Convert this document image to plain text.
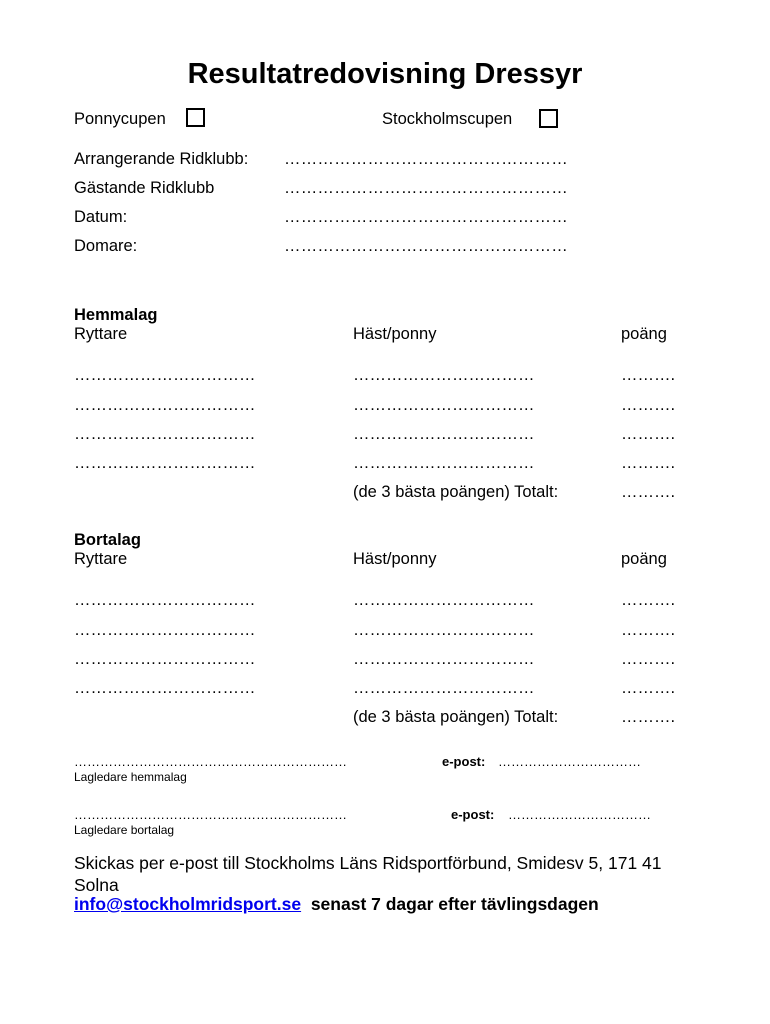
Resultatredovisning Dressyr
Ponnycupen	Stockholmscupen
Arrangerande Ridklubb: ……………………………………………
Gästande Ridklubb	……………………………………………
Datum:	……………………………………………
Domare:	……………………………………………
Hemmalag
Ryttare	Häst/ponny	poäng
……………………………	……………………………	……….
……………………………	……………………………	……….
……………………………	……………………………	……….
……………………………	……………………………	……….
(de 3 bästa poängen) Totalt:	……….
Bortalag
Ryttare	Häst/ponny	poäng
……………………………	……………………………	……….
……………………………	……………………………	……….
……………………………	……………………………	……….
……………………………	……………………………	……….
(de 3 bästa poängen) Totalt:	……….
………………………………………………………
Lagledare hemmalag
e-post: ……………………………
………………………………………………………
Lagledare bortalag
e-post: ……………………………
Skickas per e-post till Stockholms Läns Ridsportförbund, Smidesv 5, 171 41
Solna
info@stockholmridsport.se senast 7 dagar efter tävlingsdagen
